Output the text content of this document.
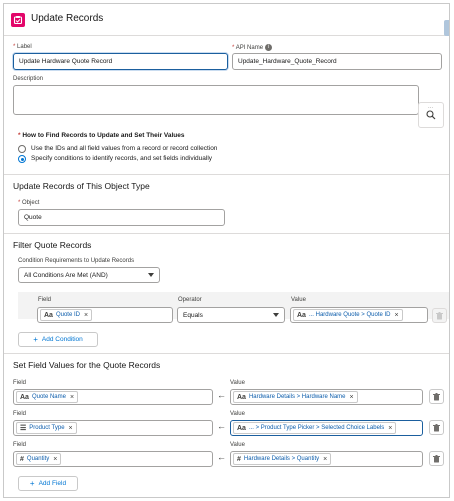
Update Records
* Label
Update Hardware Quote Record
* API Name i
Update_Hardware_Quote_Record
Description
···
* How to Find Records to Update and Set Their Values
Use the IDs and all field values from a record or record collection
Specify conditions to identify records, and set fields individually
Update Records of This Object Type
* Object
Quote
Filter Quote Records
Condition Requirements to Update Records
All Conditions Are Met (AND)
Field	Operator	Value
Aa Quote ID ×	Equals	Aa ... Hardware Quote > Quote ID ×
+ Add Condition
Set Field Values for the Quote Records
Field	Value
Aa Quote Name ×	← Aa Hardware Details > Hardware Name ×
Field	Value
☰ Product Type ×	← Aa ... > Product Type Picker > Selected Choice Labels ×
Field	Value
# Quantity ×	← # Hardware Details > Quantity ×
+ Add Field
